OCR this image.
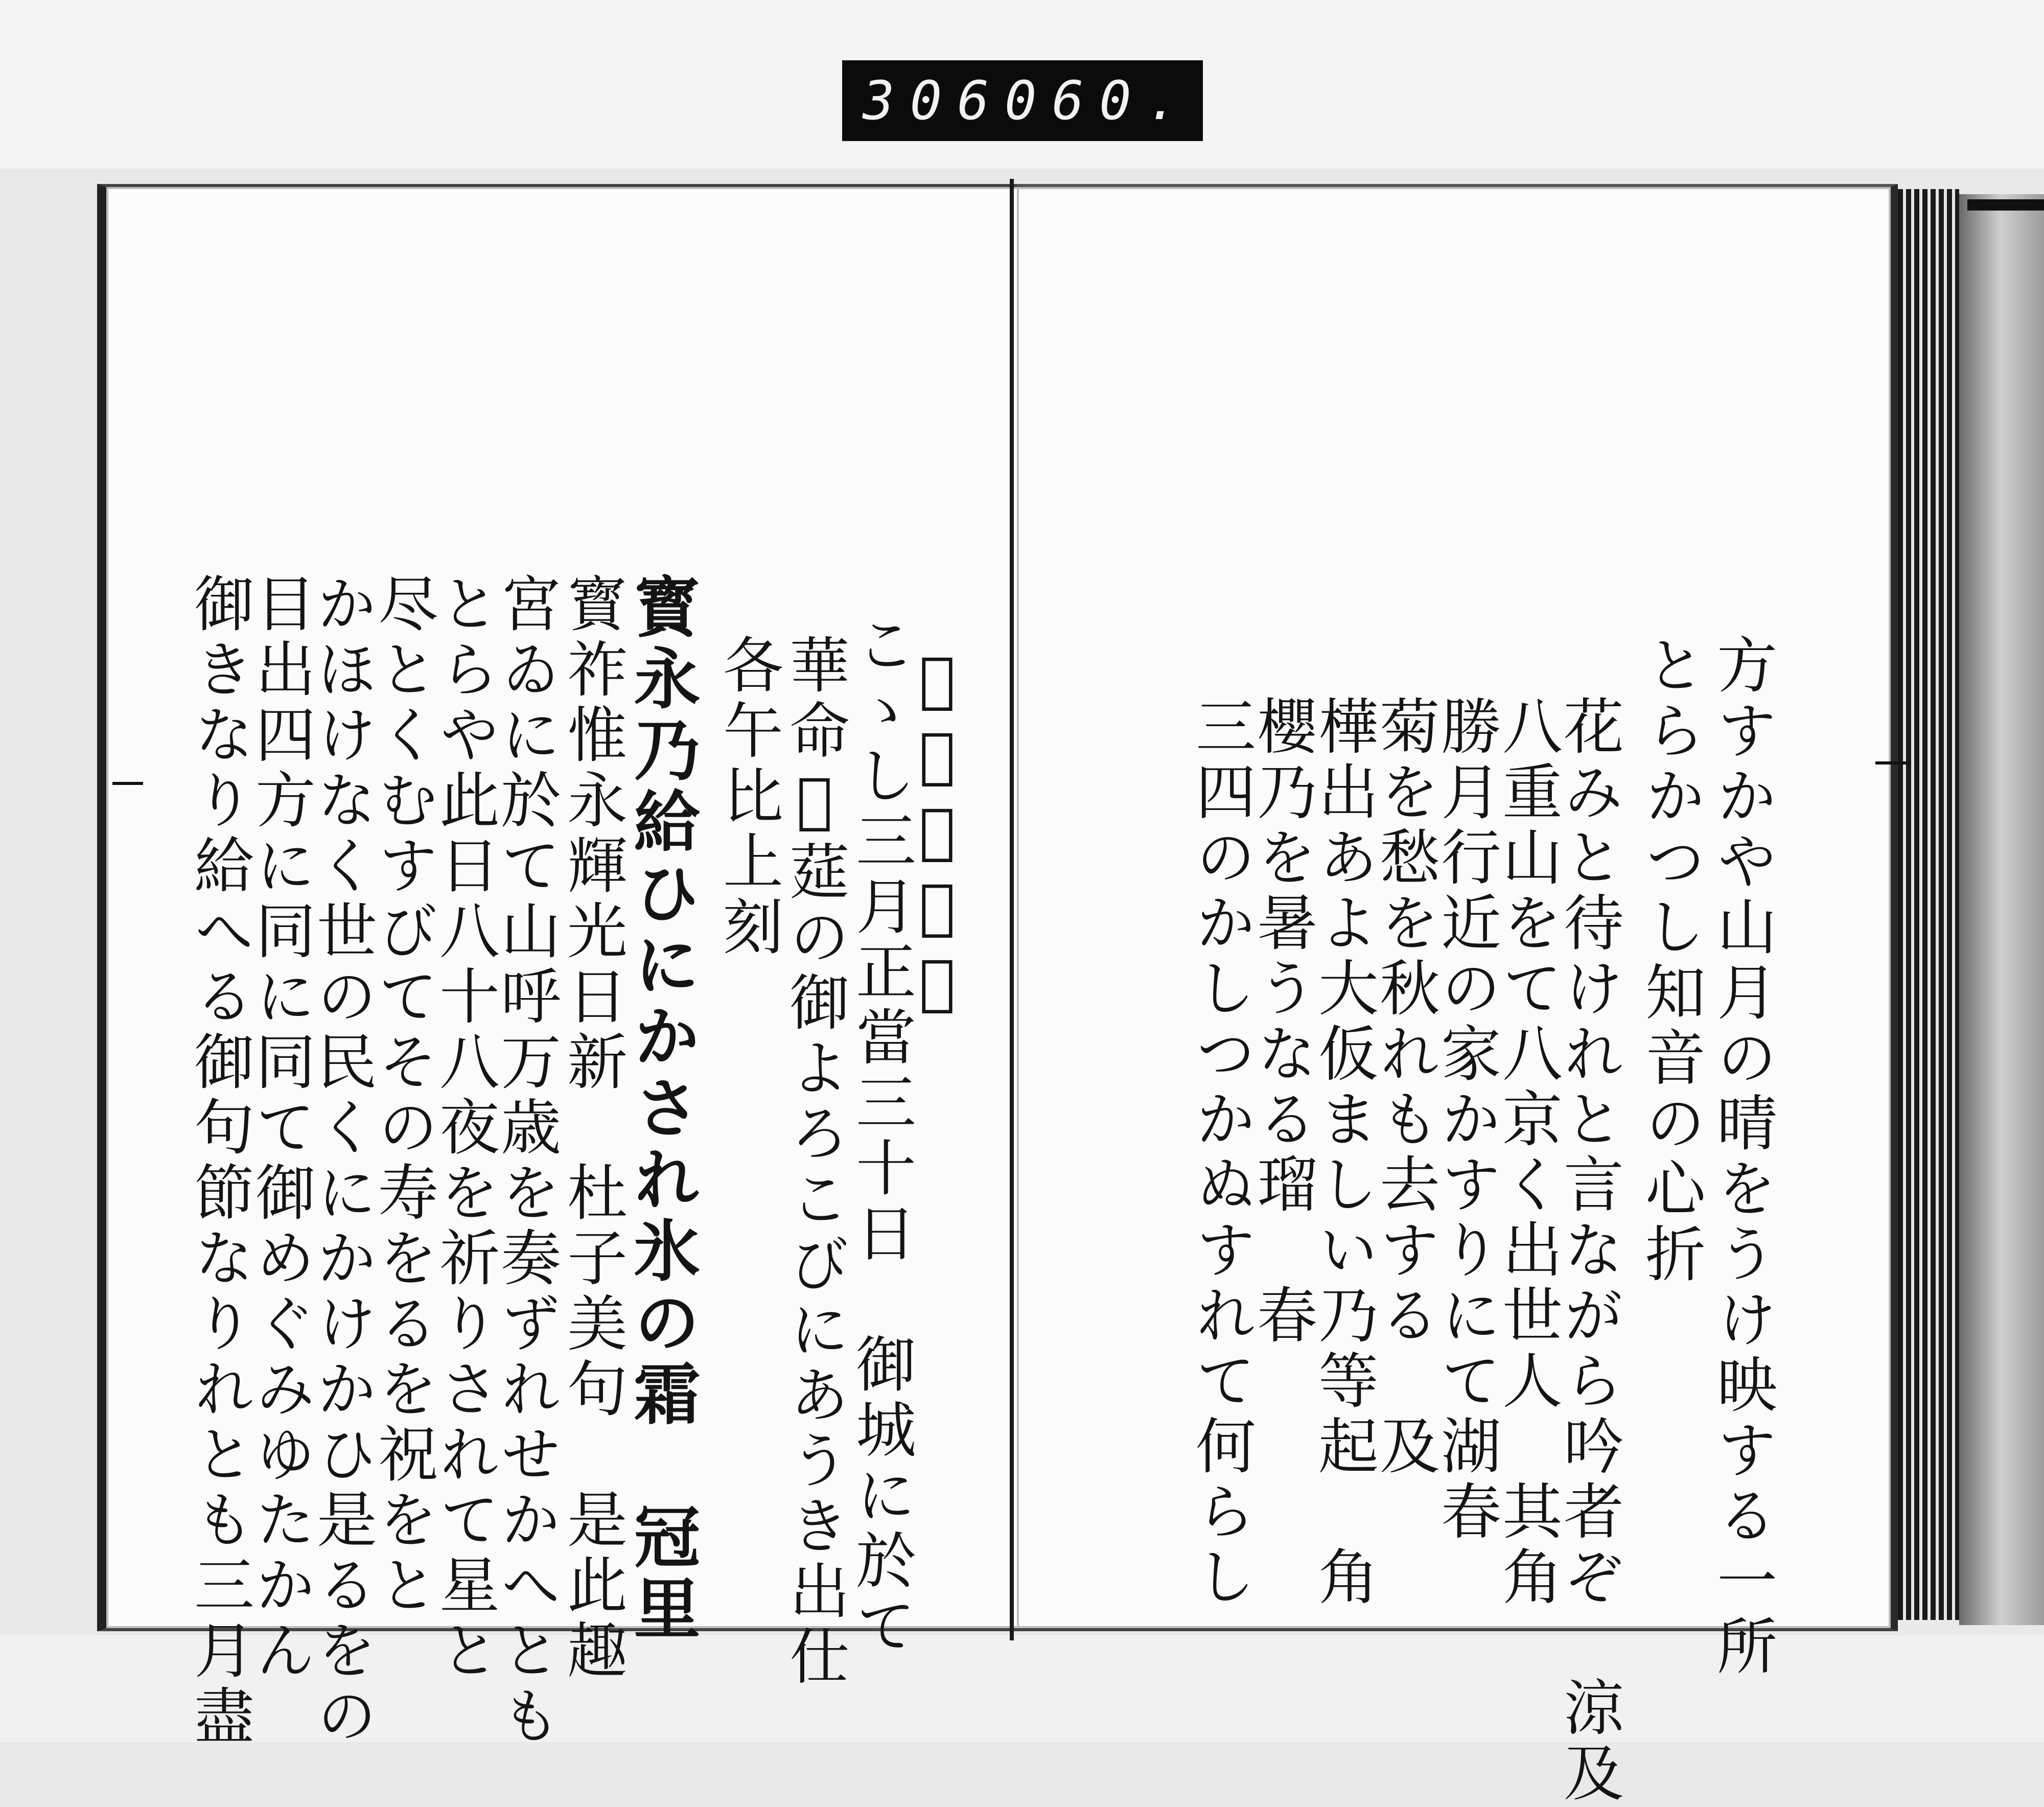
306 060.
𬰀元乃祥吟
こゝし三月正當三十日　御城に於て
華命𬰀莚の御よろこびにあうき出仕
各午比上刻
寳永乃給ひにかされ氷の霜　冠里
寳祚惟永輝光日新　杜子美句　是此趣
宮ゐに於て山呼万歳を奏ずれせかへとも
とらや此日八十八夜を祈りされて星と
尽とくむすびてその寿をるを祝をと
かほけなく世の民くにかけかひ是るをの
目出四方に同に同て御めぐみゆたかん
御きなり給へる御句節なりれとも三月盡	方すかや山月の晴をうけ映する一所
とらかつし知音の心折
花みと待けれと言ながら吟者ぞ　涼及
八重山をて八京く出世人　其角
勝月行近の家かすりにて湖春
菊を愁を秋れも去する　及
樺出あよ大仮ましい乃等起　角
櫻乃を暑うなる瑠　春
三四のかしつかぬすれて何らし
